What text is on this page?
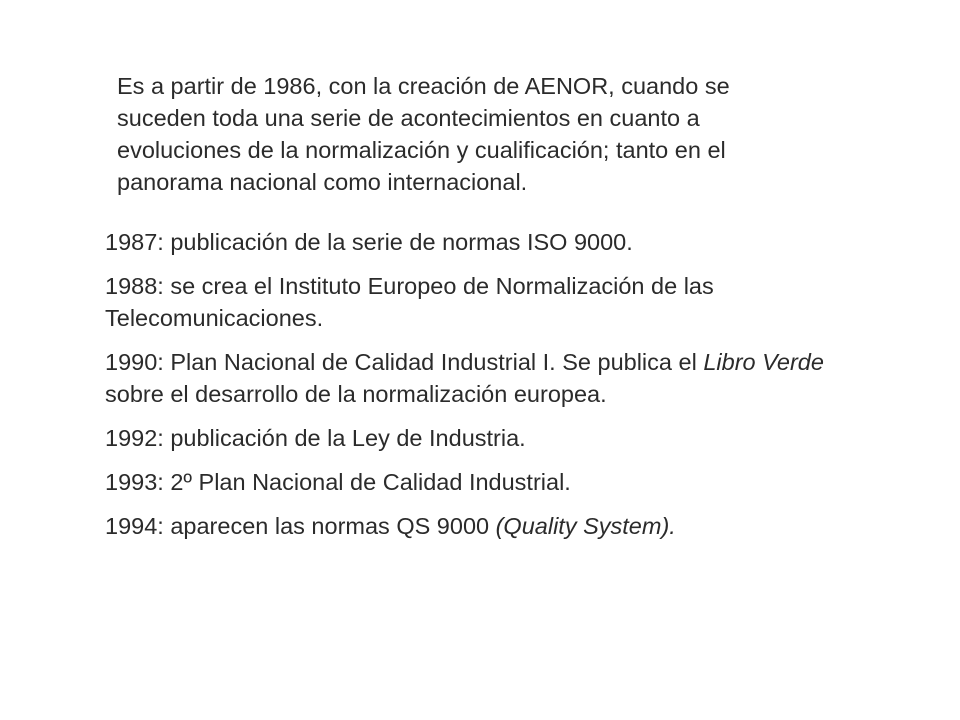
Es a partir de 1986, con la creación de AENOR, cuando se suceden toda una serie de acontecimientos en cuanto a evoluciones de la normalización y cualificación; tanto en el panorama nacional como internacional.

1987: publicación de la serie de normas ISO 9000.
1988: se crea el Instituto Europeo de Normalización de las Telecomunicaciones.
1990: Plan Nacional de Calidad Industrial I. Se publica el Libro Verde sobre el desarrollo de la normalización europea.
1992: publicación de la Ley de Industria.
1993: 2º Plan Nacional de Calidad Industrial.
1994: aparecen las normas QS 9000 (Quality System).
